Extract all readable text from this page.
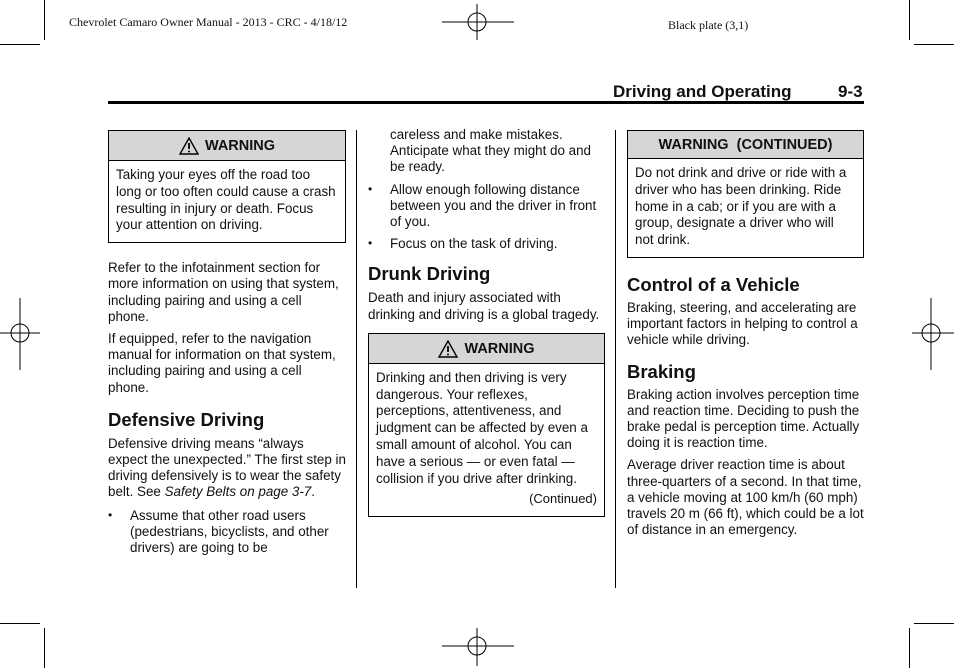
Chevrolet Camaro Owner Manual - 2013 - CRC - 4/18/12	Black plate (3,1)
Driving and Operating	9-3
WARNING
Taking your eyes off the road too long or too often could cause a crash resulting in injury or death. Focus your attention on driving.

Refer to the infotainment section for more information on using that system, including pairing and using a cell phone.

If equipped, refer to the navigation manual for information on that system, including pairing and using a cell phone.

Defensive Driving

Defensive driving means “always expect the unexpected.” The first step in driving defensively is to wear the safety belt. See Safety Belts on page 3-7.

• Assume that other road users (pedestrians, bicyclists, and other drivers) are going to be
careless and make mistakes. Anticipate what they might do and be ready.
• Allow enough following distance between you and the driver in front of you.
• Focus on the task of driving.
Drunk Driving

Death and injury associated with drinking and driving is a global tragedy.

WARNING
Drinking and then driving is very dangerous. Your reflexes, perceptions, attentiveness, and judgment can be affected by even a small amount of alcohol. You can have a serious — or even fatal — collision if you drive after drinking.
(Continued)
WARNING  (CONTINUED)
Do not drink and drive or ride with a driver who has been drinking. Ride home in a cab; or if you are with a group, designate a driver who will not drink.
Control of a Vehicle

Braking, steering, and accelerating are important factors in helping to control a vehicle while driving.

Braking

Braking action involves perception time and reaction time. Deciding to push the brake pedal is perception time. Actually doing it is reaction time.

Average driver reaction time is about three-quarters of a second. In that time, a vehicle moving at 100 km/h (60 mph) travels 20 m (66 ft), which could be a lot of distance in an emergency.
